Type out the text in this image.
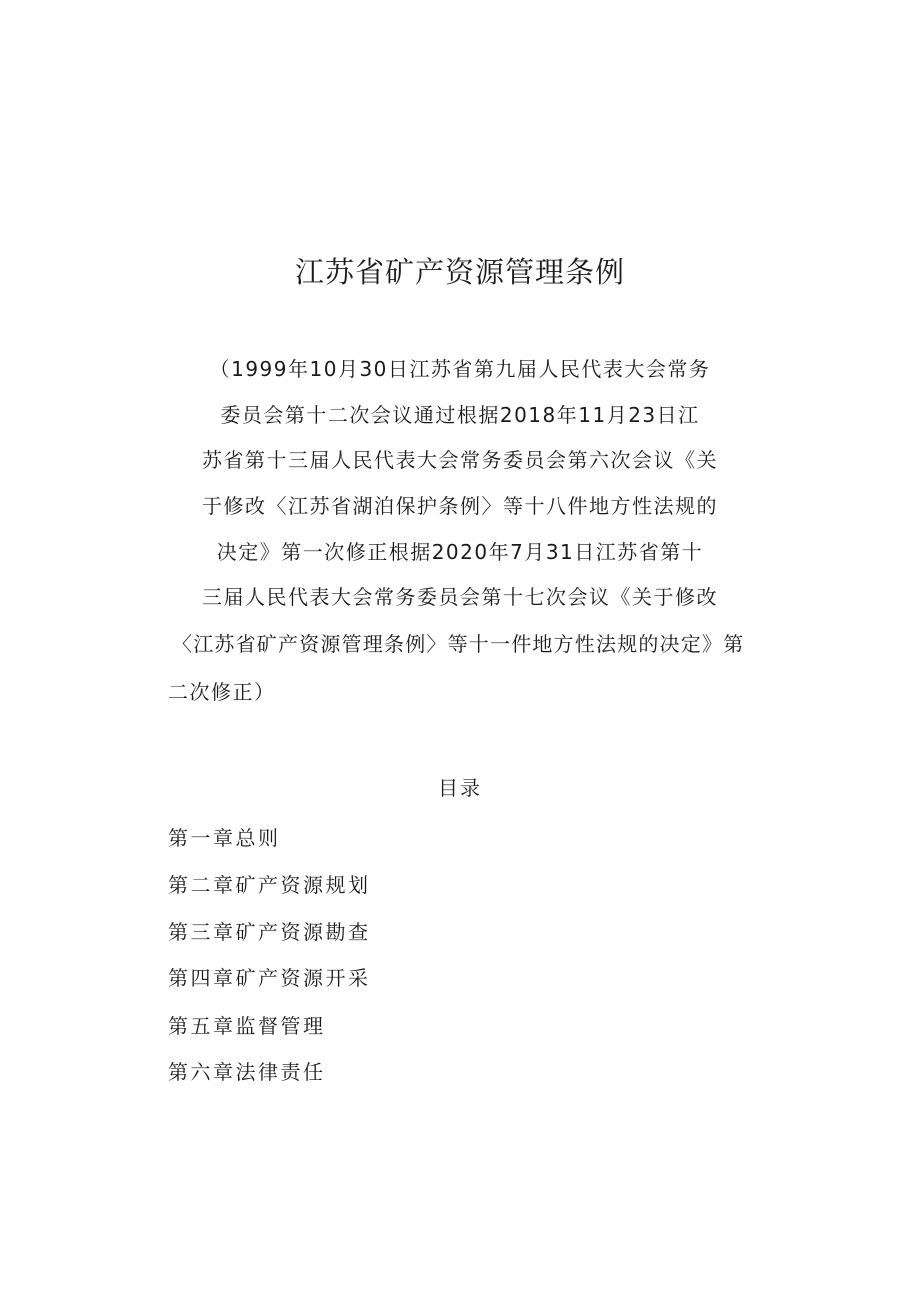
江苏省矿产资源管理条例
（1999年10月30日江苏省第九届人民代表大会常务
委员会第十二次会议通过根据2018年11月23日江
苏省第十三届人民代表大会常务委员会第六次会议《关
于修改〈江苏省湖泊保护条例〉等十八件地方性法规的
决定》第一次修正根据2020年7月31日江苏省第十
三届人民代表大会常务委员会第十七次会议《关于修改
〈江苏省矿产资源管理条例〉等十一件地方性法规的决定》第
二次修正）
目录
第一章总则
第二章矿产资源规划
第三章矿产资源勘查
第四章矿产资源开采
第五章监督管理
第六章法律责任
